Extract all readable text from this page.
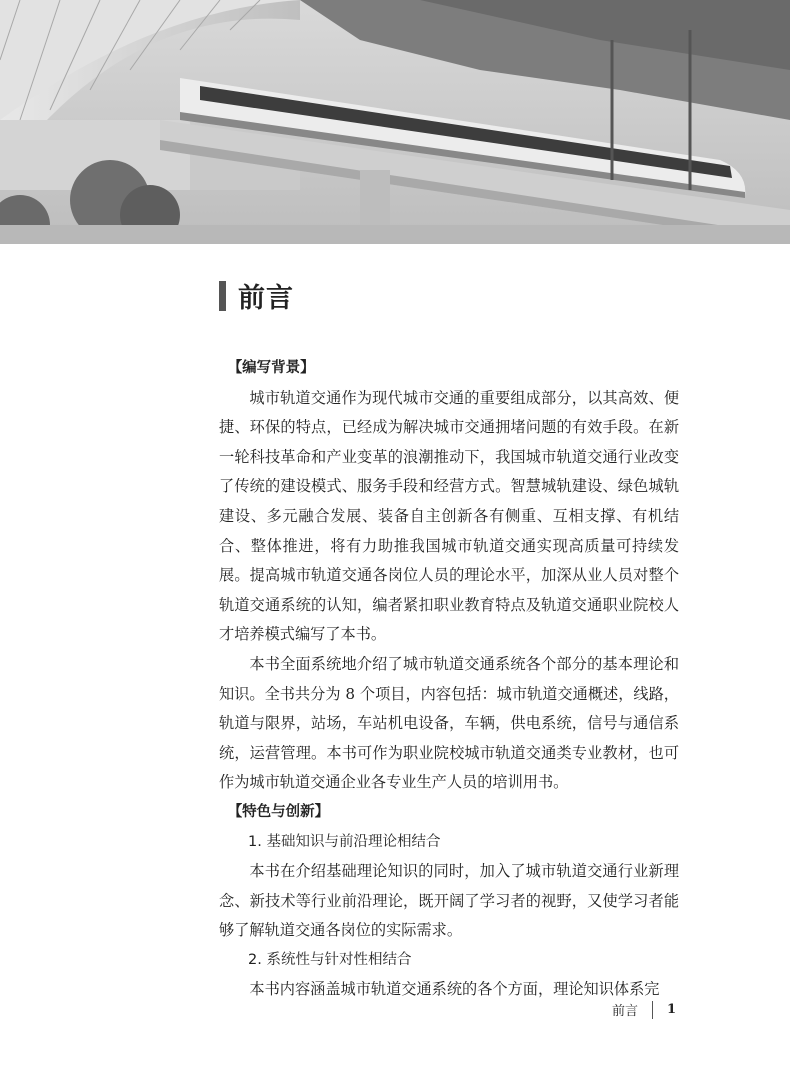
前言

【编写背景】

城市轨道交通作为现代城市交通的重要组成部分，以其高效、便捷、环保的特点，已经成为解决城市交通拥堵问题的有效手段。在新一轮科技革命和产业变革的浪潮推动下，我国城市轨道交通行业改变了传统的建设模式、服务手段和经营方式。智慧城轨建设、绿色城轨建设、多元融合发展、装备自主创新各有侧重、互相支撑、有机结合、整体推进，将有力助推我国城市轨道交通实现高质量可持续发展。提高城市轨道交通各岗位人员的理论水平，加深从业人员对整个轨道交通系统的认知，编者紧扣职业教育特点及轨道交通职业院校人才培养模式编写了本书。

本书全面系统地介绍了城市轨道交通系统各个部分的基本理论和知识。全书共分为 8 个项目，内容包括：城市轨道交通概述，线路，轨道与限界，站场，车站机电设备，车辆，供电系统，信号与通信系统，运营管理。本书可作为职业院校城市轨道交通类专业教材，也可作为城市轨道交通企业各专业生产人员的培训用书。

【特色与创新】

1. 基础知识与前沿理论相结合

本书在介绍基础理论知识的同时，加入了城市轨道交通行业新理念、新技术等行业前沿理论，既开阔了学习者的视野，又使学习者能够了解轨道交通各岗位的实际需求。

2. 系统性与针对性相结合

本书内容涵盖城市轨道交通系统的各个方面，理论知识体系完

前言 1
